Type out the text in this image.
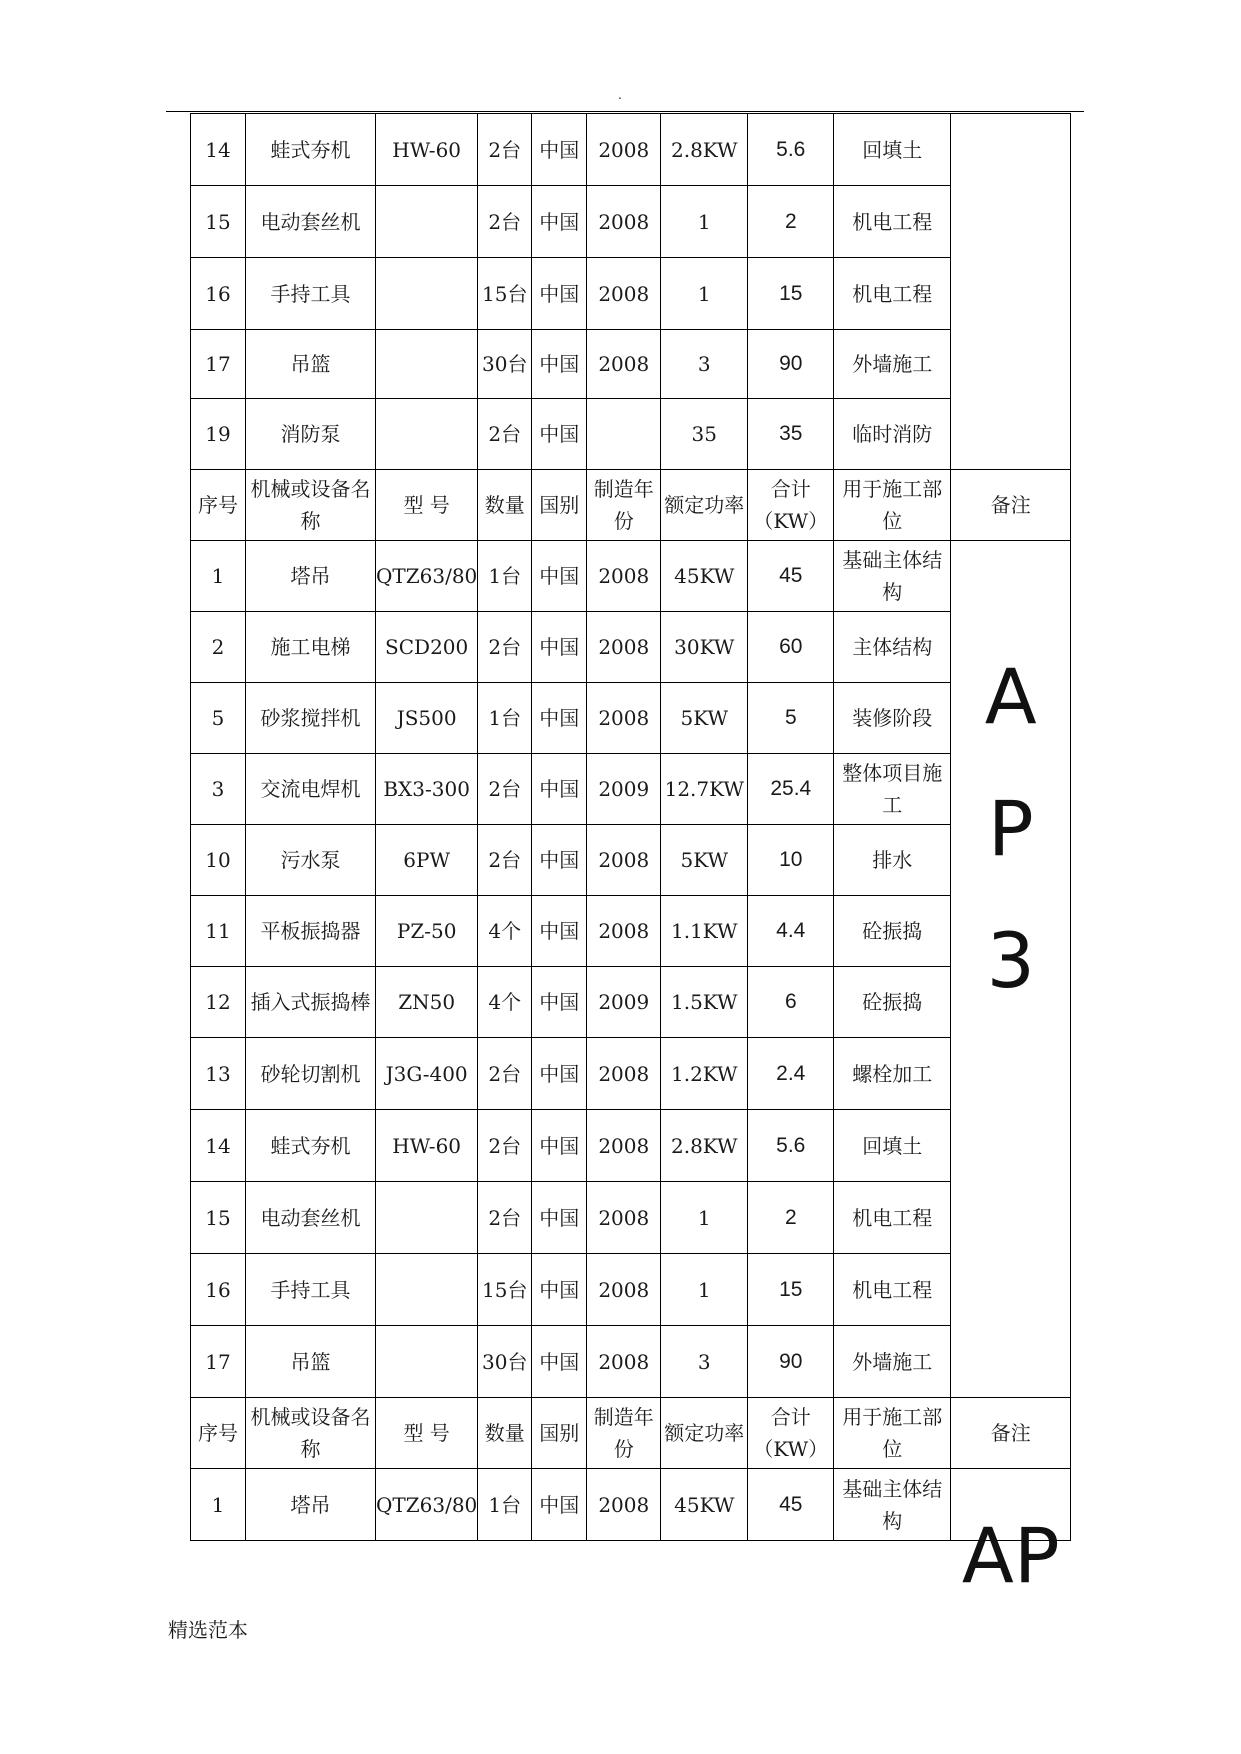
.
14	蛙式夯机	HW-60	2台	中国	2008	2.8KW	5.6	回填土	
15	电动套丝机		2台	中国	2008	1	2	机电工程	
16	手持工具		15台	中国	2008	1	15	机电工程	
17	吊篮		30台	中国	2008	3	90	外墙施工	
19	消防泵		2台	中国		35	35	临时消防	
序号	机械或设备名称	型 号	数量	国别	制造年份	额定功率	合计（KW）	用于施工部位	备注
1	塔吊	QTZ63/80	1台	中国	2008	45KW	45	基础主体结构	AP3

2	施工电梯	SCD200	2台	中国	2008	30KW	60	主体结构	
5	砂浆搅拌机	JS500	1台	中国	2008	5KW	5	装修阶段	
3	交流电焊机	BX3-300	2台	中国	2009	12.7KW	25.4	整体项目施工	
10	污水泵	6PW	2台	中国	2008	5KW	10	排水	
11	平板振捣器	PZ-50	4个	中国	2008	1.1KW	4.4	砼振捣	
12	插入式振捣棒	ZN50	4个	中国	2009	1.5KW	6	砼振捣	
13	砂轮切割机	J3G-400	2台	中国	2008	1.2KW	2.4	螺栓加工	
14	蛙式夯机	HW-60	2台	中国	2008	2.8KW	5.6	回填土	
15	电动套丝机		2台	中国	2008	1	2	机电工程	
16	手持工具		15台	中国	2008	1	15	机电工程	
17	吊篮		30台	中国	2008	3	90	外墙施工	
序号	机械或设备名称	型 号	数量	国别	制造年份	额定功率	合计（KW）	用于施工部位	备注
1	塔吊	QTZ63/80	1台	中国	2008	45KW	45	基础主体结构	AP
精选范本
